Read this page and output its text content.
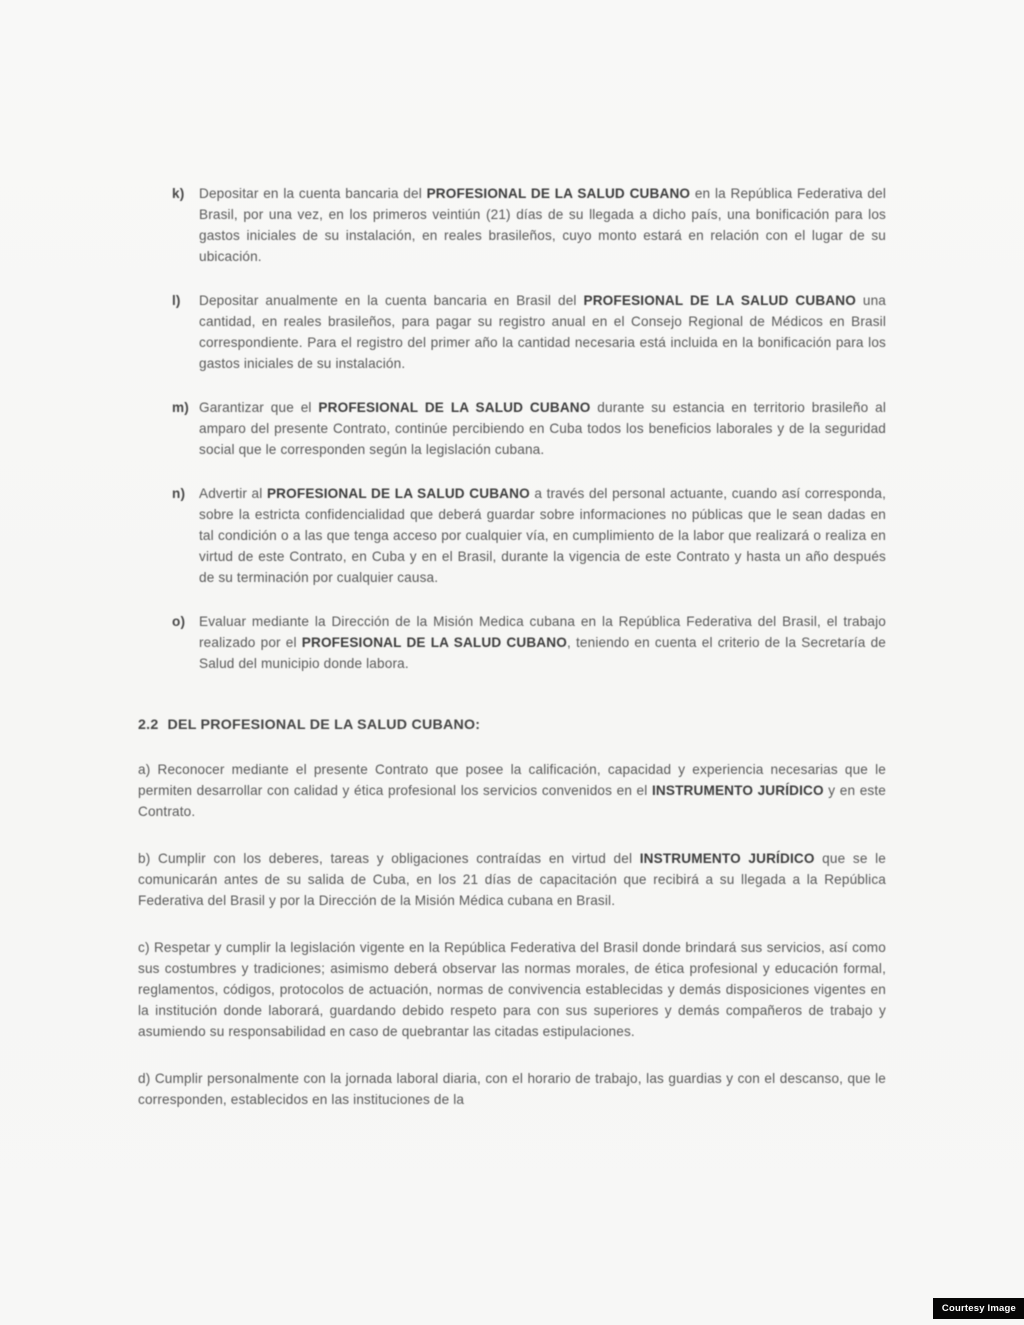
k)	Depositar en la cuenta bancaria del PROFESIONAL DE LA SALUD CUBANO en la República Federativa del Brasil, por una vez, en los primeros veintiún (21) días de su llegada a dicho país, una bonificación para los gastos iniciales de su instalación, en reales brasileños, cuyo monto estará en relación con el lugar de su ubicación.
l)	Depositar anualmente en la cuenta bancaria en Brasil del PROFESIONAL DE LA SALUD CUBANO una cantidad, en reales brasileños, para pagar su registro anual en el Consejo Regional de Médicos en Brasil correspondiente. Para el registro del primer año la cantidad necesaria está incluida en la bonificación para los gastos iniciales de su instalación.
m) Garantizar que el PROFESIONAL DE LA SALUD CUBANO durante su estancia en territorio brasileño al amparo del presente Contrato, continúe percibiendo en Cuba todos los beneficios laborales y de la seguridad social que le corresponden según la legislación cubana.
n)	Advertir al PROFESIONAL DE LA SALUD CUBANO a través del personal actuante, cuando así corresponda, sobre la estricta confidencialidad que deberá guardar sobre informaciones no públicas que le sean dadas en tal condición o a las que tenga acceso por cualquier vía, en cumplimiento de la labor que realizará o realiza en virtud de este Contrato, en Cuba y en el Brasil, durante la vigencia de este Contrato y hasta un año después de su terminación por cualquier causa.
o)	Evaluar mediante la Dirección de la Misión Medica cubana en la República Federativa del Brasil, el trabajo realizado por el PROFESIONAL DE LA SALUD CUBANO, teniendo en cuenta el criterio de la Secretaría de Salud del municipio donde labora.
2.2 DEL PROFESIONAL DE LA SALUD CUBANO:
a) Reconocer mediante el presente Contrato que posee la calificación, capacidad y experiencia necesarias que le permiten desarrollar con calidad y ética profesional los servicios convenidos en el INSTRUMENTO JURÍDICO y en este Contrato.
b) Cumplir con los deberes, tareas y obligaciones contraídas en virtud del INSTRUMENTO JURÍDICO que se le comunicarán antes de su salida de Cuba, en los 21 días de capacitación que recibirá a su llegada a la República Federativa del Brasil y por la Dirección de la Misión Médica cubana en Brasil.
c) Respetar y cumplir la legislación vigente en la República Federativa del Brasil donde brindará sus servicios, así como sus costumbres y tradiciones; asimismo deberá observar las normas morales, de ética profesional y educación formal, reglamentos, códigos, protocolos de actuación, normas de convivencia establecidas y demás disposiciones vigentes en la institución donde laborará, guardando debido respeto para con sus superiores y demás compañeros de trabajo y asumiendo su responsabilidad en caso de quebrantar las citadas estipulaciones.
d) Cumplir personalmente con la jornada laboral diaria, con el horario de trabajo, las guardias y con el descanso, que le corresponden, establecidos en las instituciones de la
Courtesy Image
